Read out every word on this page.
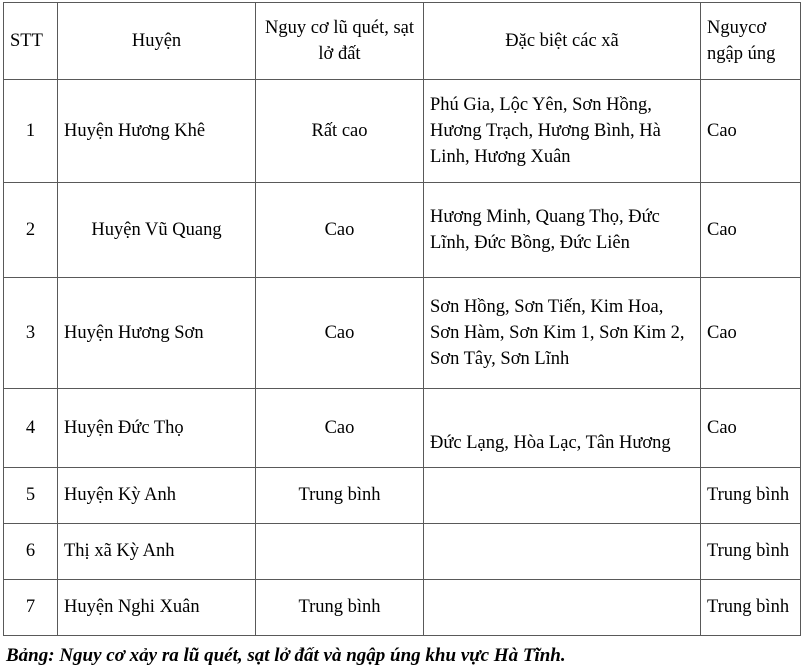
STT	Huyện	Nguy cơ lũ quét, sạt lở đất	Đặc biệt các xã	Nguycơ
ngập úng

1	Huyện Hương Khê	Rất cao	Phú Gia, Lộc Yên, Sơn Hồng,
Hương Trạch, Hương Bình, Hà
Linh, Hương Xuân	Cao
2	Huyện Vũ Quang	Cao	Hương Minh, Quang Thọ, Đức
Lĩnh, Đức Bồng, Đức Liên	Cao
3	Huyện Hương Sơn	Cao	Sơn Hồng, Sơn Tiến, Kim Hoa,
Sơn Hàm, Sơn Kim 1, Sơn Kim 2,
Sơn Tây, Sơn Lĩnh	Cao
4	Huyện Đức Thọ	Cao	Đức Lạng, Hòa Lạc, Tân Hương	Cao
5	Huyện Kỳ Anh	Trung bình		Trung bình
6	Thị xã Kỳ Anh			Trung bình
7	Huyện Nghi Xuân	Trung bình		Trung bình
Bảng: Nguy cơ xảy ra lũ quét, sạt lở đất và ngập úng khu vực Hà Tĩnh.
